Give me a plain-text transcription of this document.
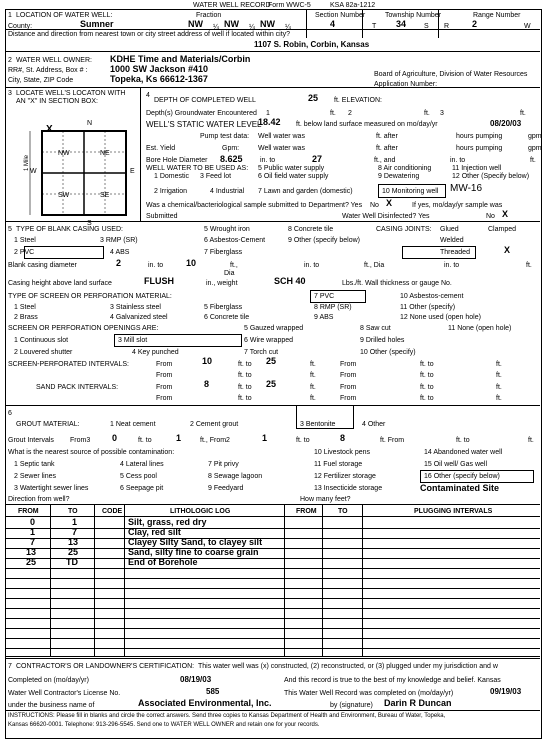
WATER WELL RECORD
Form WWC-5	KSA 82a-1212
1 LOCATION OF WATER WELL:	Fraction
County:	Sumner	NW ¼ NW ¼ NW ¼
Section Number
4
Township Number
T 34	S
Range Number
R	2	W
Distance and direction from nearest town or city street address of well if located within city?
1107 S. Robin, Corbin, Kansas
2 WATER WELL OWNER: KDHE Time and Materials/Corbin
RR#, St. Address, Box # :	1000 SW Jackson #410
City, State, ZIP Code	Topeka, Ks 66612-1367	Board of Agriculture, Division of Water Resources
Application Number:
3 LOCATE WELL'S LOCATON WITH
AN "X" IN SECTION BOX:
N
S
W	E
1 Mile
X
NW	NE
SW	SE
4
DEPTH OF COMPLETED WELL	25 ft. ELEVATION:
Depth(s) Groundwater Encountered 1	ft. 2	ft. 3	ft.
WELL'S STATIC WATER LEVEL
18.42 ft. below land surface measured on mo/day/yr	08/20/03
Pump test data: Well water was	ft. after	hours pumping	gpm
Est. Yield	Gpm:	Well water was	ft. after	hours pumping	gpm
Bore Hole Diameter 8.625 in. to	27	ft., and	in. to	ft.
WELL WATER TO BE USED AS:
1 Domestic 3 Feed lot
5 Public water supply
6 Oil field water supply
8 Air conditioning
9 Dewatering
11 Injection well
12 Other (Specify below)
2 Irrigation	4 Industrial 7 Lawn and garden (domestic)	10 Monitoring well MW-16
Was a chemical/bacteriological sample submitted to Department? Yes No X	If yes, mo/day/yr sample was
Submitted	Water Well Disinfected? Yes	No X
5 TYPE OF BLANK CASING USED:
1 Steel	3 RMP (SR)
5 Wrought iron
6 Asbestos-Cement
8 Concrete tile
9 Other (specify below)
CASING JOINTS: Glued	Clamped
Welded
2 PVC	4 ABS	7 Fiberglass	Threaded	X
Blank casing diameter	2	in. to	10	ft.,
Dia
in. to	ft., Dia	in. to	ft.
Casing height above land surface	FLUSH	in., weight	SCH 40	Lbs./ft. Wall thickness or gauge No.
TYPE OF SCREEN OR PERFORATION MATERIAL:
1 Steel	3 Stainless steel	5 Fiberglass
7 PVC	10 Asbestos-cement
2 Brass	4 Galvanized steel	6 Concrete tile
8 RMP (SR)	11 Other (specify)
9 ABS	12 None used (open hole)
SCREEN OR PERFORATION OPENINGS ARE:	5 Gauzed wrapped	8 Saw cut	11 None (open hole)
1 Continuous slot	3 Mill slot	6 Wire wrapped	9 Drilled holes
2 Louvered shutter	4 Key punched	7 Torch cut	10 Other (specify)
SCREEN-PERFORATED INTERVALS:	From	10	ft. to 25	ft.
From	ft. to	ft.
From	ft. to	ft.
From	ft. to	ft.
SAND PACK INTERVALS:	From	8	ft. to 25	ft.
From	ft. to	ft.
From	ft. to	ft.
From	ft. to	ft.
6
GROUT MATERIAL:	1 Neat cement	2 Cement grout	3 Bentonite	4 Other
Grout Intervals From3 0	ft. to	1	ft., From2	1	ft. to	8	ft. From	ft. to	ft.
What is the nearest source of possible contamination:
1 Septic tank	4 Lateral lines	7 Pit privy
10 Livestock pens	14 Abandoned water well
2 Sewer lines	5 Cess pool	8 Sewage lagoon
11 Fuel storage	15 Oil well/ Gas well
3 Watertight sewer lines	6 Seepage pit	9 Feedyard
12 Fertilizer storage	16 Other (specify below)
13 Insecticide storage	Contaminated Site
Direction from well?	How many feet?
FROM	TO	CODE	LITHOLOGIC LOG	FROM	TO	PLUGGING INTERVALS
0	1	Silt, grass, red dry
1	7	Clay, red silt
7	13	Clayey Silty Sand, to clayey silt
13	25	Sand, silty fine to coarse grain
25	TD	End of Borehole
7 CONTRACTOR'S OR LANDOWNER'S CERTIFICATION: This water well was (x) constructed, (2) reconstructed, or (3) plugged under my jurisdiction and w
Completed on (mo/day/yr)	08/19/03	And this record is true to the best of my knowledge and belief. Kansas
Water Well Contractor's License No.	585	This Water Well Record was completed on (mo/day/yr)	09/19/03
under the business name of	Associated Environmental, Inc.	by (signature) Darin R Duncan
INSTRUCTIONS: Please fill in blanks and circle the correct answers. Send three copies to Kansas Department of Health and Environment, Bureau of Water, Topeka,
Kansas 66620-0001. Telephone: 913-296-5545. Send one to WATER WELL OWNER and retain one for your records.
